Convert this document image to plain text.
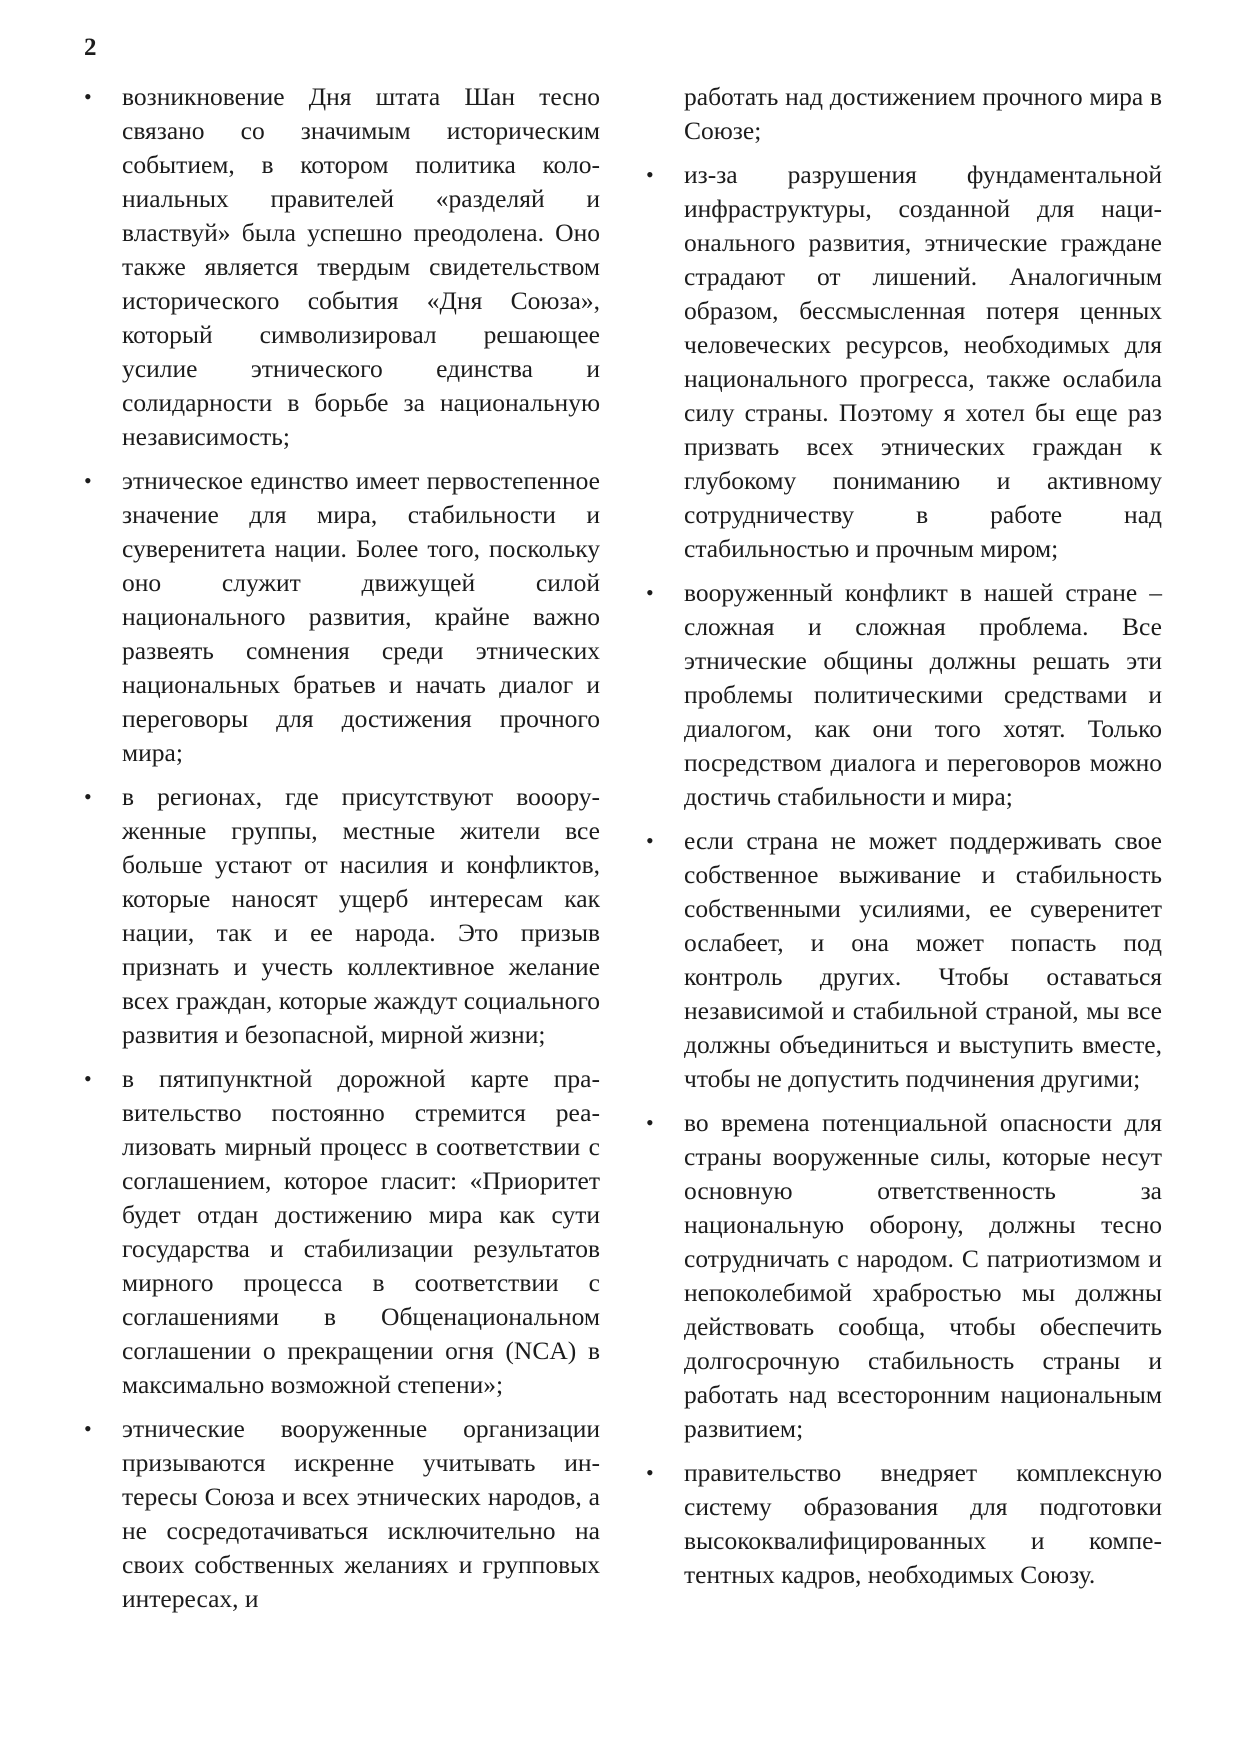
2

• возникновение Дня штата Шан тесно связано со значимым историческим событием, в котором политика колониальных правителей «разделяй и властвуй» была успешно преодолена. Оно также является твердым свидетельством исторического события «Дня Союза», который символизировал решающее усилие этнического единства и солидарности в борьбе за национальную независимость;

• этническое единство имеет первостепенное значение для мира, стабильности и суверенитета нации. Более того, поскольку оно служит движущей силой национального развития, крайне важно развеять сомнения среди этнических национальных братьев и начать диалог и переговоры для достижения прочного мира;

• в регионах, где присутствуют воооруженные группы, местные жители все больше устают от насилия и конфликтов, которые наносят ущерб интересам как нации, так и ее народа. Это призыв признать и учесть коллективное желание всех граждан, которые жаждут социального развития и безопасной, мирной жизни;

• в пятипунктной дорожной карте правительство постоянно стремится реализовать мирный процесс в соответствии с соглашением, которое гласит: «Приоритет будет отдан достижению мира как сути государства и стабилизации результатов мирного процесса в соответствии с соглашениями в Общенациональном соглашении о прекращении огня (NCA) в максимально возможной степени»;

• этнические вооруженные организации призываются искренне учитывать интересы Союза и всех этнических народов, а не сосредотачиваться исключительно на своих собственных желаниях и групповых интересах, и

работать над достижением прочного мира в Союзе;

• из-за разрушения фундаментальной инфраструктуры, созданной для национального развития, этнические граждане страдают от лишений. Аналогичным образом, бессмысленная потеря ценных человеческих ресурсов, необходимых для национального прогресса, также ослабила силу страны. Поэтому я хотел бы еще раз призвать всех этнических граждан к глубокому пониманию и активному сотрудничеству в работе над стабильностью и прочным миром;

• вооруженный конфликт в нашей стране – сложная и сложная проблема. Все этнические общины должны решать эти проблемы политическими средствами и диалогом, как они того хотят. Только посредством диалога и переговоров можно достичь стабильности и мира;

• если страна не может поддерживать свое собственное выживание и стабильность собственными усилиями, ее суверенитет ослабеет, и она может попасть под контроль других. Чтобы оставаться независимой и стабильной страной, мы все должны объединиться и выступить вместе, чтобы не допустить подчинения другими;

• во времена потенциальной опасности для страны вооруженные силы, которые несут основную ответственность за национальную оборону, должны тесно сотрудничать с народом. С патриотизмом и непоколебимой храбростью мы должны действовать сообща, чтобы обеспечить долгосрочную стабильность страны и работать над всесторонним национальным развитием;

• правительство внедряет комплексную систему образования для подготовки высококвалифицированных и компетентных кадров, необходимых Союзу.
